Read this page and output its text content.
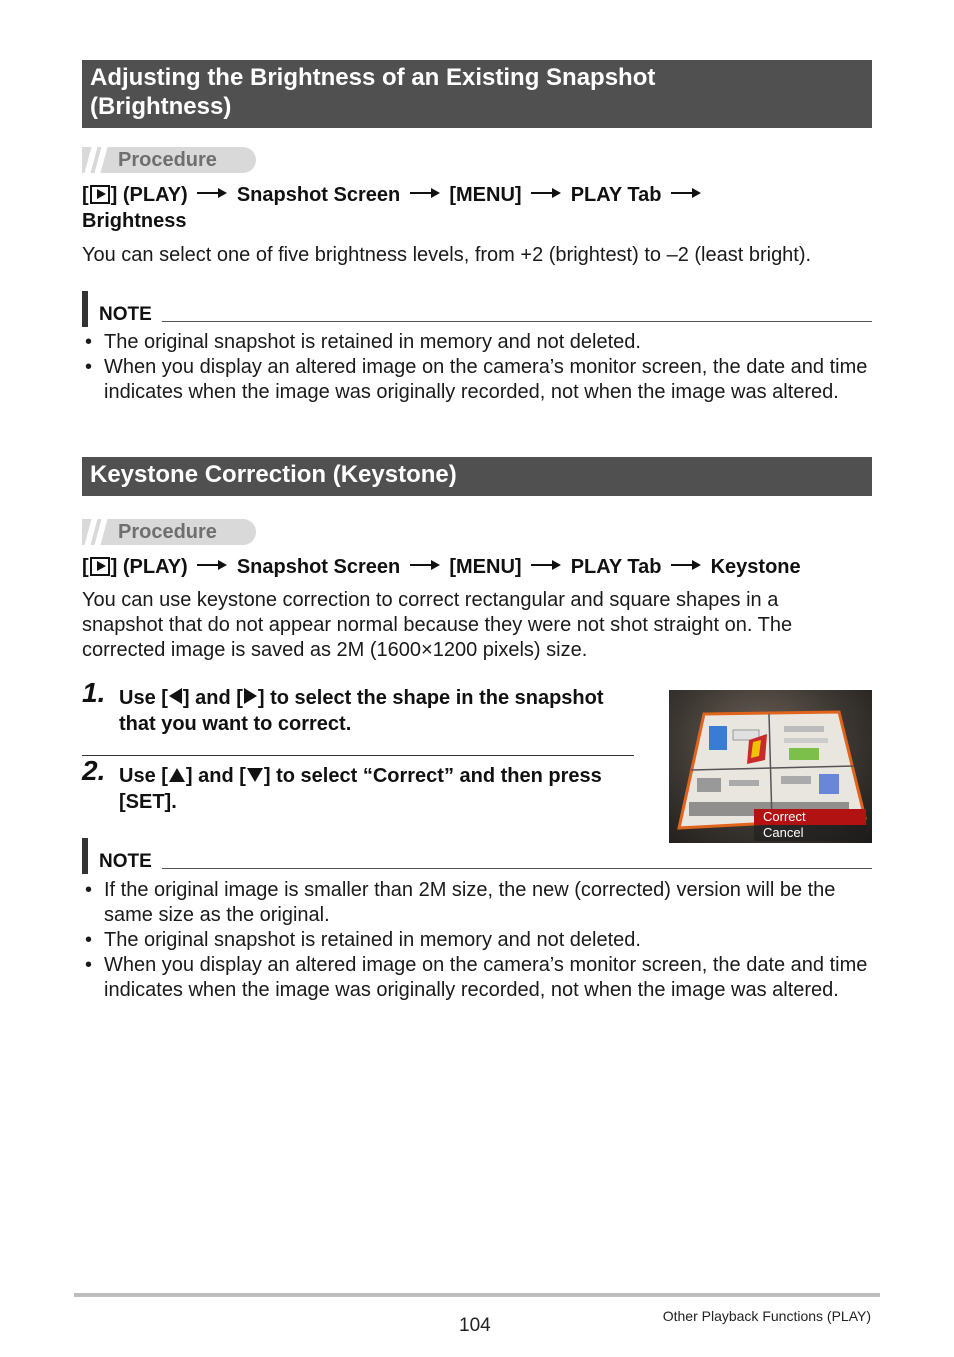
Adjusting the Brightness of an Existing Snapshot
(Brightness)
Procedure
[ ] (PLAY) Snapshot Screen [MENU] PLAY Tab
Brightness
You can select one of five brightness levels, from +2 (brightest) to –2 (least bright).
NOTE
• The original snapshot is retained in memory and not deleted.
• When you display an altered image on the camera’s monitor screen, the date and time indicates when the image was originally recorded, not when the image was altered.
Keystone Correction (Keystone)
Procedure
[ ] (PLAY) Snapshot Screen [MENU] PLAY Tab Keystone
You can use keystone correction to correct rectangular and square shapes in a snapshot that do not appear normal because they were not shot straight on. The corrected image is saved as 2M (1600×1200 pixels) size.
1. Use [ ] and [ ] to select the shape in the snapshot that you want to correct.
2. Use [ ] and [ ] to select “Correct” and then press [SET].
Correct
Cancel
NOTE
• If the original image is smaller than 2M size, the new (corrected) version will be the same size as the original.
• The original snapshot is retained in memory and not deleted.
• When you display an altered image on the camera’s monitor screen, the date and time indicates when the image was originally recorded, not when the image was altered.
104	Other Playback Functions (PLAY)
